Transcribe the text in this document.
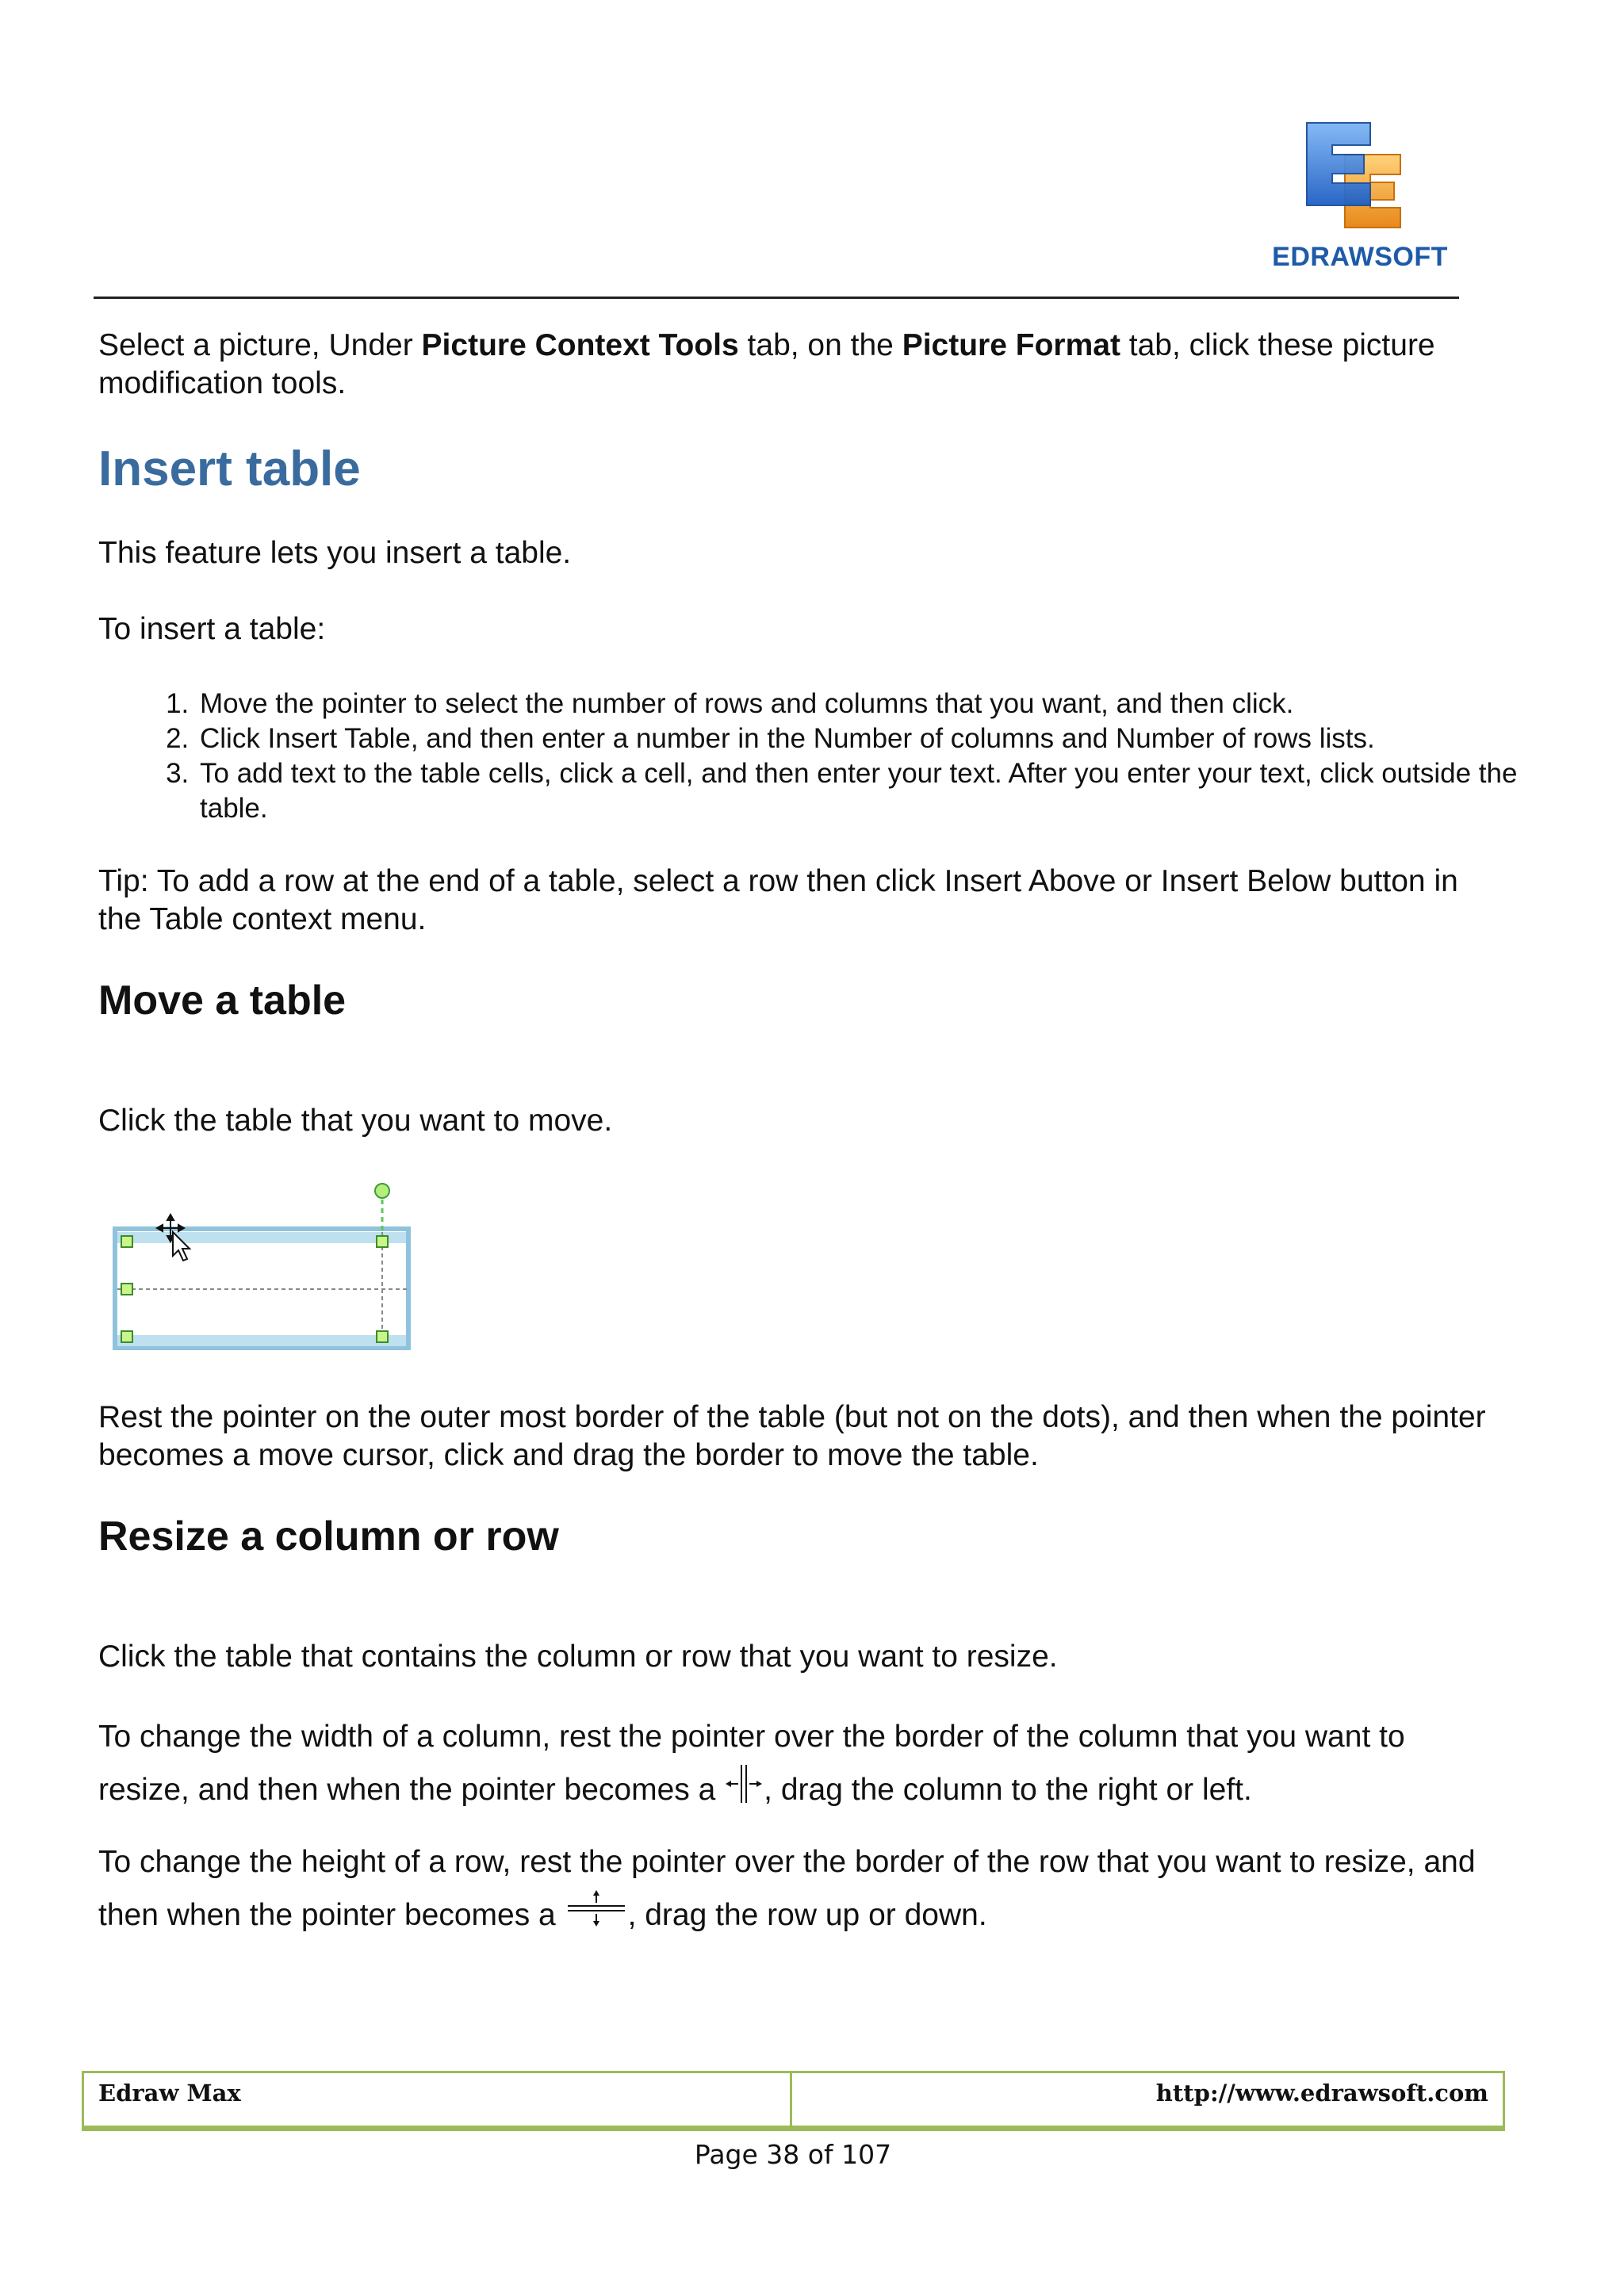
EDRAWSOFT
Select a picture, Under Picture Context Tools tab, on the Picture Format tab, click these picture modification tools.
Insert table
This feature lets you insert a table.
To insert a table:
1. Move the pointer to select the number of rows and columns that you want, and then click.
2. Click Insert Table, and then enter a number in the Number of columns and Number of rows lists.
3. To add text to the table cells, click a cell, and then enter your text. After you enter your text, click outside the table.
Tip: To add a row at the end of a table, select a row then click Insert Above or Insert Below button in the Table context menu.
Move a table
Click the table that you want to move.
Rest the pointer on the outer most border of the table (but not on the dots), and then when the pointer becomes a move cursor, click and drag the border to move the table.
Resize a column or row
Click the table that contains the column or row that you want to resize.
To change the width of a column, rest the pointer over the border of the column that you want to resize, and then when the pointer becomes a , drag the column to the right or left.
To change the height of a row, rest the pointer over the border of the row that you want to resize, and then when the pointer becomes a , drag the row up or down.
Edraw Max	http://www.edrawsoft.com
Page 38 of 107
